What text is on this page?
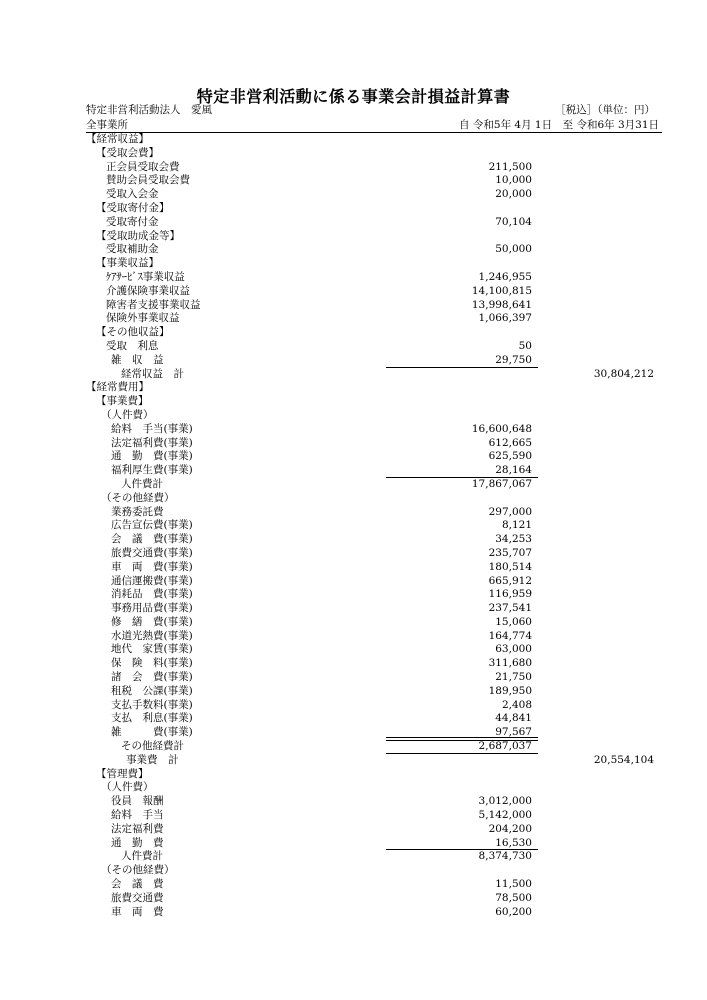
特定非営利活動に係る事業会計損益計算書
特定非営利活動法人　愛風	［税込］（単位：円）
全事業所	自 令和5年 4月 1日　至 令和6年 3月31日
【経常収益】
【受取会費】
正会員受取会費	211,500
賛助会員受取会費	10,000
受取入会金	20,000
【受取寄付金】
受取寄付金	70,104
【受取助成金等】
受取補助金	50,000
【事業収益】
ｹｱｻｰﾋﾞｽ事業収益	1,246,955
介護保険事業収益	14,100,815
障害者支援事業収益	13,998,641
保険外事業収益	1,066,397
【その他収益】
受取　利息	50
雑　収　益	29,750
経常収益　計	30,804,212
【経常費用】
【事業費】
（人件費）
給料　手当(事業)	16,600,648
法定福利費(事業)	612,665
通　勤　費(事業)	625,590
福利厚生費(事業)	28,164
人件費計	17,867,067
（その他経費）
業務委託費	297,000
広告宣伝費(事業)	8,121
会　議　費(事業)	34,253
旅費交通費(事業)	235,707
車　両　費(事業)	180,514
通信運搬費(事業)	665,912
消耗品　費(事業)	116,959
事務用品費(事業)	237,541
修　繕　費(事業)	15,060
水道光熱費(事業)	164,774
地代　家賃(事業)	63,000
保　険　料(事業)	311,680
諸　会　費(事業)	21,750
租税　公課(事業)	189,950
支払手数料(事業)	2,408
支払　利息(事業)	44,841
雑　　　費(事業)	97,567
その他経費計	2,687,037
事業費　計	20,554,104
【管理費】
（人件費）
役員　報酬	3,012,000
給料　手当	5,142,000
法定福利費	204,200
通　勤　費	16,530
人件費計	8,374,730
（その他経費）
会　議　費	11,500
旅費交通費	78,500
車　両　費	60,200
